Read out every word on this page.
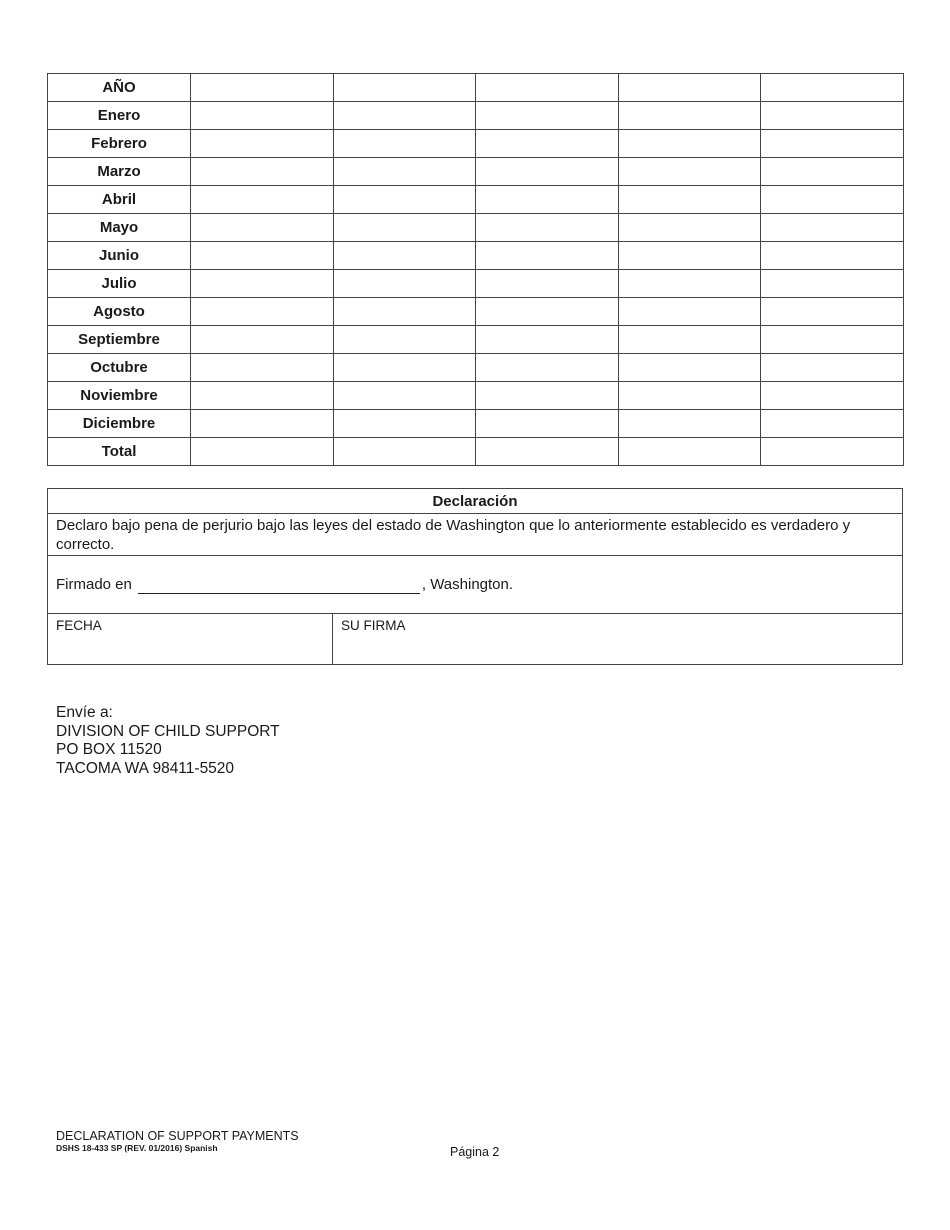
AÑO					
Enero					
Febrero					
Marzo					
Abril					
Mayo					
Junio					
Julio					
Agosto					
Septiembre					
Octubre					
Noviembre					
Diciembre					
Total					
Declaración
Declaro bajo pena de perjurio bajo las leyes del estado de Washington que lo anteriormente establecido es verdadero y correcto.
Firmado en	, Washington.
FECHA	SU FIRMA
Envíe a:
DIVISION OF CHILD SUPPORT
PO BOX 11520
TACOMA WA 98411-5520
DECLARATION OF SUPPORT PAYMENTS
DSHS 18-433 SP (REV. 01/2016) Spanish	Página 2
